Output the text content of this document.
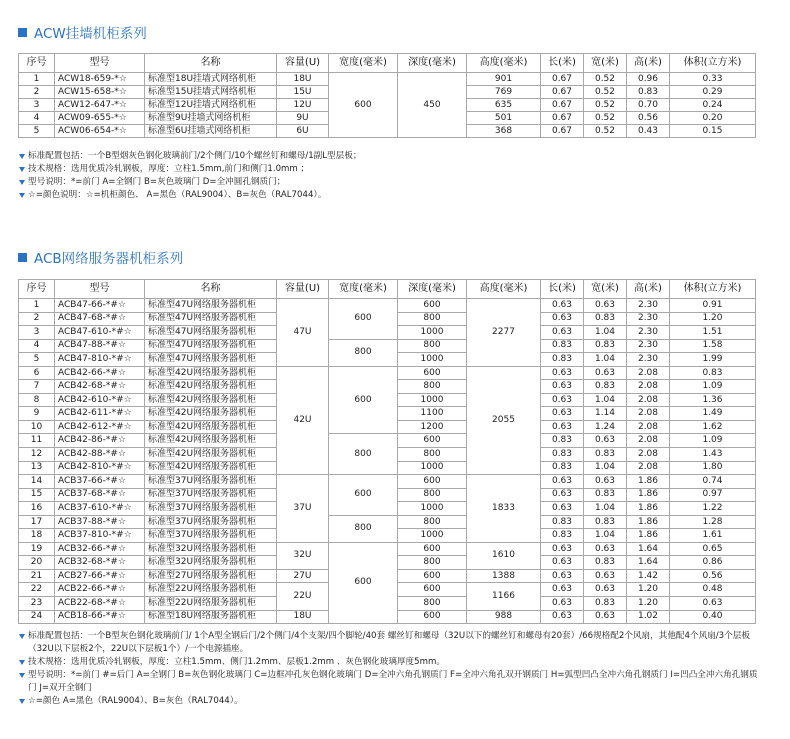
ACW挂墙机柜系列
序号	型号	名称	容量(U)	宽度(毫米)	深度(毫米)	高度(毫米)	长(米)	宽(米)	高(米)	体积(立方米)
1	ACW18-659-*☆	标准型18U挂墙式网络机柜	18U	600	450	901	0.67	0.52	0.96	0.33
2	ACW15-658-*☆	标准型15U挂墙式网络机柜	15U			769	0.67	0.52	0.83	0.29
3	ACW12-647-*☆	标准型12U挂墙式网络机柜	12U			635	0.67	0.52	0.70	0.24
4	ACW09-655-*☆	标准型9U挂墙式网络机柜	9U			501	0.67	0.52	0.56	0.20
5	ACW06-654-*☆	标准型6U挂墙式网络机柜	6U			368	0.67	0.52	0.43	0.15
标准配置包括：一个B型烟灰色钢化玻璃前门/2个侧门/10个螺丝钉和螺母/1副L型层板；
技术规格：选用优质冷轧钢板，厚度：立柱1.5mm,前门和侧门1.0mm ；
型号说明：*=前门 A=全钢门 B=灰色玻璃门 D=全冲圆孔钢质门；
☆=颜色说明：☆=机柜颜色、 A=黑色（RAL9004）、B=灰色（RAL7044）。
ACB网络服务器机柜系列
序号	型号	名称	容量(U)	宽度(毫米)	深度(毫米)	高度(毫米)	长(米)	宽(米)	高(米)	体积(立方米)
1	ACB47-66-*#☆	标准型47U网络服务器机柜	47U	600	600	2277	0.63	0.63	2.30	0.91
2	ACB47-68-*#☆	标准型47U网络服务器机柜			800		0.63	0.83	2.30	1.20
3	ACB47-610-*#☆	标准型47U网络服务器机柜			1000		0.63	1.04	2.30	1.51
4	ACB47-88-*#☆	标准型47U网络服务器机柜		800	800		0.83	0.83	2.30	1.58
5	ACB47-810-*#☆	标准型47U网络服务器机柜			1000		0.83	1.04	2.30	1.99
6	ACB42-66-*#☆	标准型42U网络服务器机柜	42U	600	600	2055	0.63	0.63	2.08	0.83
7	ACB42-68-*#☆	标准型42U网络服务器机柜			800		0.63	0.83	2.08	1.09
8	ACB42-610-*#☆	标准型42U网络服务器机柜			1000		0.63	1.04	2.08	1.36
9	ACB42-611-*#☆	标准型42U网络服务器机柜			1100		0.63	1.14	2.08	1.49
10	ACB42-612-*#☆	标准型42U网络服务器机柜			1200		0.63	1.24	2.08	1.62
11	ACB42-86-*#☆	标准型42U网络服务器机柜		800	600		0.83	0.63	2.08	1.09
12	ACB42-88-*#☆	标准型42U网络服务器机柜			800		0.83	0.83	2.08	1.43
13	ACB42-810-*#☆	标准型42U网络服务器机柜			1000		0.83	1.04	2.08	1.80
14	ACB37-66-*#☆	标准型37U网络服务器机柜	37U	600	600	1833	0.63	0.63	1.86	0.74
15	ACB37-68-*#☆	标准型37U网络服务器机柜			800		0.63	0.83	1.86	0.97
16	ACB37-610-*#☆	标准型37U网络服务器机柜			1000		0.63	1.04	1.86	1.22
17	ACB37-88-*#☆	标准型37U网络服务器机柜		800	800		0.83	0.83	1.86	1.28
18	ACB37-810-*#☆	标准型37U网络服务器机柜			1000		0.83	1.04	1.86	1.61
19	ACB32-66-*#☆	标准型32U网络服务器机柜	32U	600	600	1610	0.63	0.63	1.64	0.65
20	ACB32-68-*#☆	标准型32U网络服务器机柜			800		0.63	0.83	1.64	0.86
21	ACB27-66-*#☆	标准型27U网络服务器机柜	27U		600	1388	0.63	0.63	1.42	0.56
22	ACB22-66-*#☆	标准型22U网络服务器机柜	22U		600	1166	0.63	0.63	1.20	0.48
23	ACB22-68-*#☆	标准型22U网络服务器机柜			800		0.63	0.83	1.20	0.63
24	ACB18-66-*#☆	标准型18U网络服务器机柜	18U		600	988	0.63	0.63	1.02	0.40
标准配置包括：一个B型灰色钢化玻璃前门/ 1个A型全钢后门/2个侧门/4个支架/四个脚轮/40套 螺丝钉和螺母（32U以下的螺丝钉和螺母有20套）/66规格配2个风扇，其他配4个风扇/3个层板（32U以下层板2个，22U以下层板1个）/一个电源插座。
技术规格：选用优质冷轧钢板，厚度：立柱1.5mm、侧门1.2mm、层板1.2mm 、灰色钢化玻璃厚度5mm。
型号说明：*=前门 #=后门 A=全钢门 B=灰色钢化玻璃门 C=边框冲孔灰色钢化玻璃门 D=全冲六角孔钢质门 F=全冲六角孔双开钢质门 H=弧型凹凸全冲六角孔钢质门 I=凹凸全冲六角孔钢质门 J=双开全钢门
☆=颜色 A=黑色（RAL9004）、B=灰色（RAL7044）。
